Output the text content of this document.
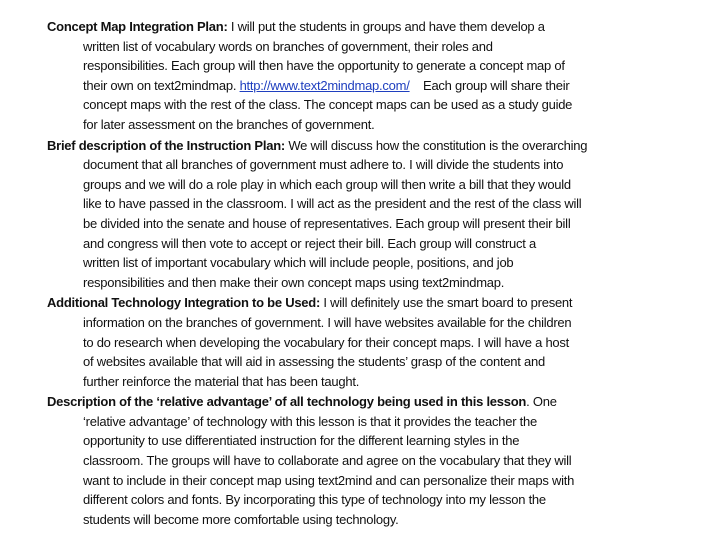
Concept Map Integration Plan: I will put the students in groups and have them develop a
written list of vocabulary words on branches of government, their roles and
responsibilities. Each group will then have the opportunity to generate a concept map of
their own on text2mindmap. http://www.text2mindmap.com/    Each group will share their
concept maps with the rest of the class. The concept maps can be used as a study guide
for later assessment on the branches of government.
Brief description of the Instruction Plan: We will discuss how the constitution is the overarching
document that all branches of government must adhere to. I will divide the students into
groups and we will do a role play in which each group will then write a bill that they would
like to have passed in the classroom. I will act as the president and the rest of the class will
be divided into the senate and house of representatives. Each group will present their bill
and congress will then vote to accept or reject their bill. Each group will construct a
written list of important vocabulary which will include people, positions, and job
responsibilities and then make their own concept maps using text2mindmap.
Additional Technology Integration to be Used: I will definitely use the smart board to present
information on the branches of government. I will have websites available for the children
to do research when developing the vocabulary for their concept maps. I will have a host
of websites available that will aid in assessing the students’ grasp of the content and
further reinforce the material that has been taught.
Description of the ‘relative advantage’ of all technology being used in this lesson. One
‘relative advantage’ of technology with this lesson is that it provides the teacher the
opportunity to use differentiated instruction for the different learning styles in the
classroom. The groups will have to collaborate and agree on the vocabulary that they will
want to include in their concept map using text2mind and can personalize their maps with
different colors and fonts. By incorporating this type of technology into my lesson the
students will become more comfortable using technology.
